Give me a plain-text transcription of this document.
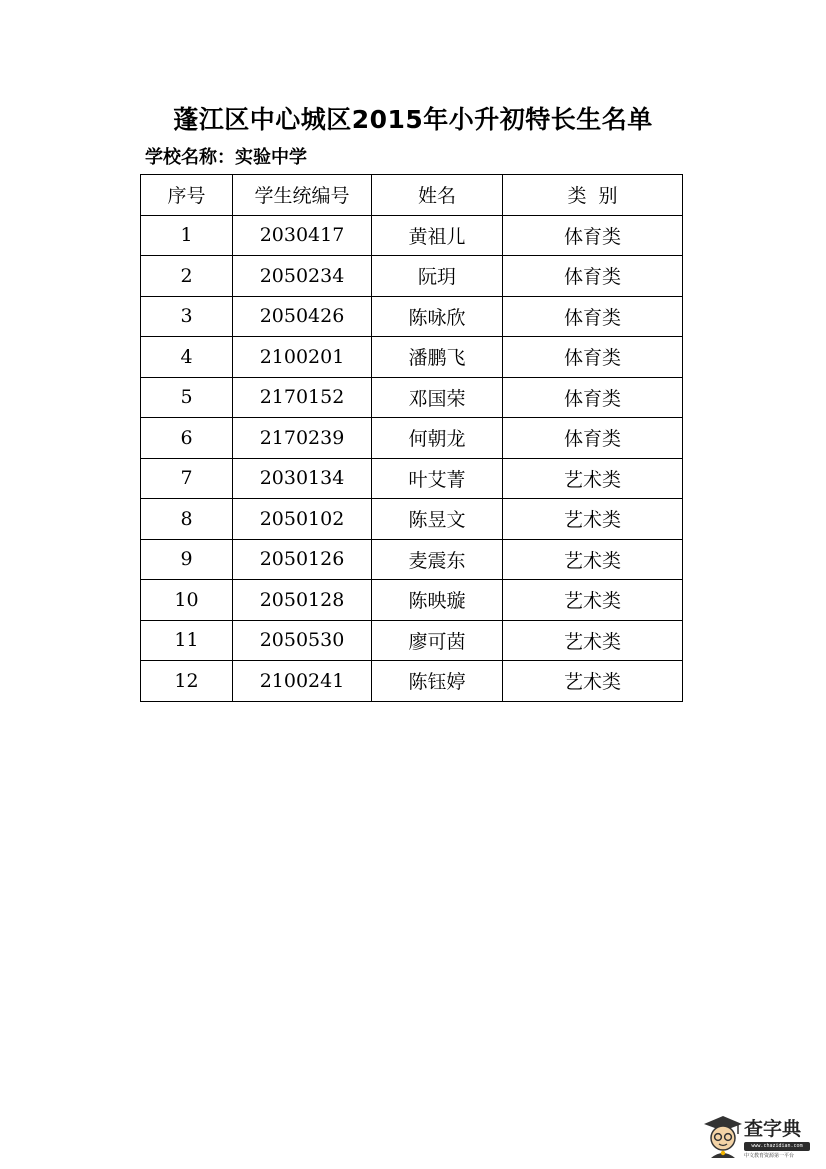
蓬江区中心城区2015年小升初特长生名单
学校名称：实验中学
序号	学生统编号	姓名	类  别
1	2030417	黄祖儿	体育类
2	2050234	阮玥	体育类
3	2050426	陈咏欣	体育类
4	2100201	潘鹏飞	体育类
5	2170152	邓国荣	体育类
6	2170239	何朝龙	体育类
7	2030134	叶艾菁	艺术类
8	2050102	陈昱文	艺术类
9	2050126	麦震东	艺术类
10	2050128	陈映璇	艺术类
11	2050530	廖可茵	艺术类
12	2100241	陈钰婷	艺术类
查字典
www.chazidian.com
中文教育资源第一平台
